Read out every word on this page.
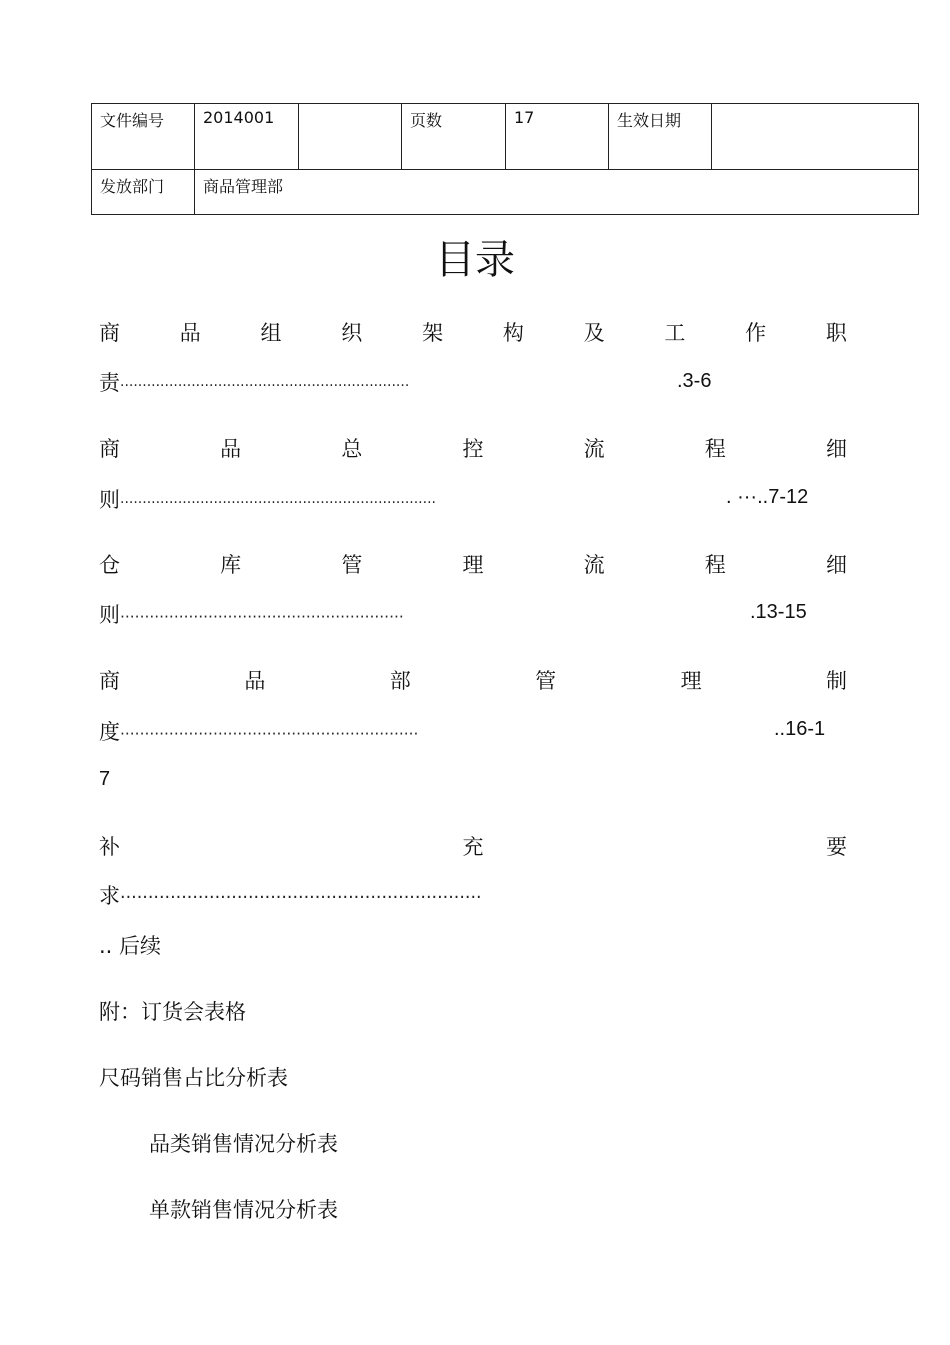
文件编号	2014001		页数	17	生效日期	
发放部门	商品管理部					
目录
商	品	组	织	架	构	及	工	作	职
责·································································	.3-6
商	品	总	控	流	程	细
则·······································································	. ···..7-12
仓	库	管	理	流	程	细
则··························································	.13-15
商	品	部	管	理	制
度·····························································	..16-1
7
补	充	要
求·································································
.. 后续
附：订货会表格
尺码销售占比分析表
品类销售情况分析表
单款销售情况分析表
